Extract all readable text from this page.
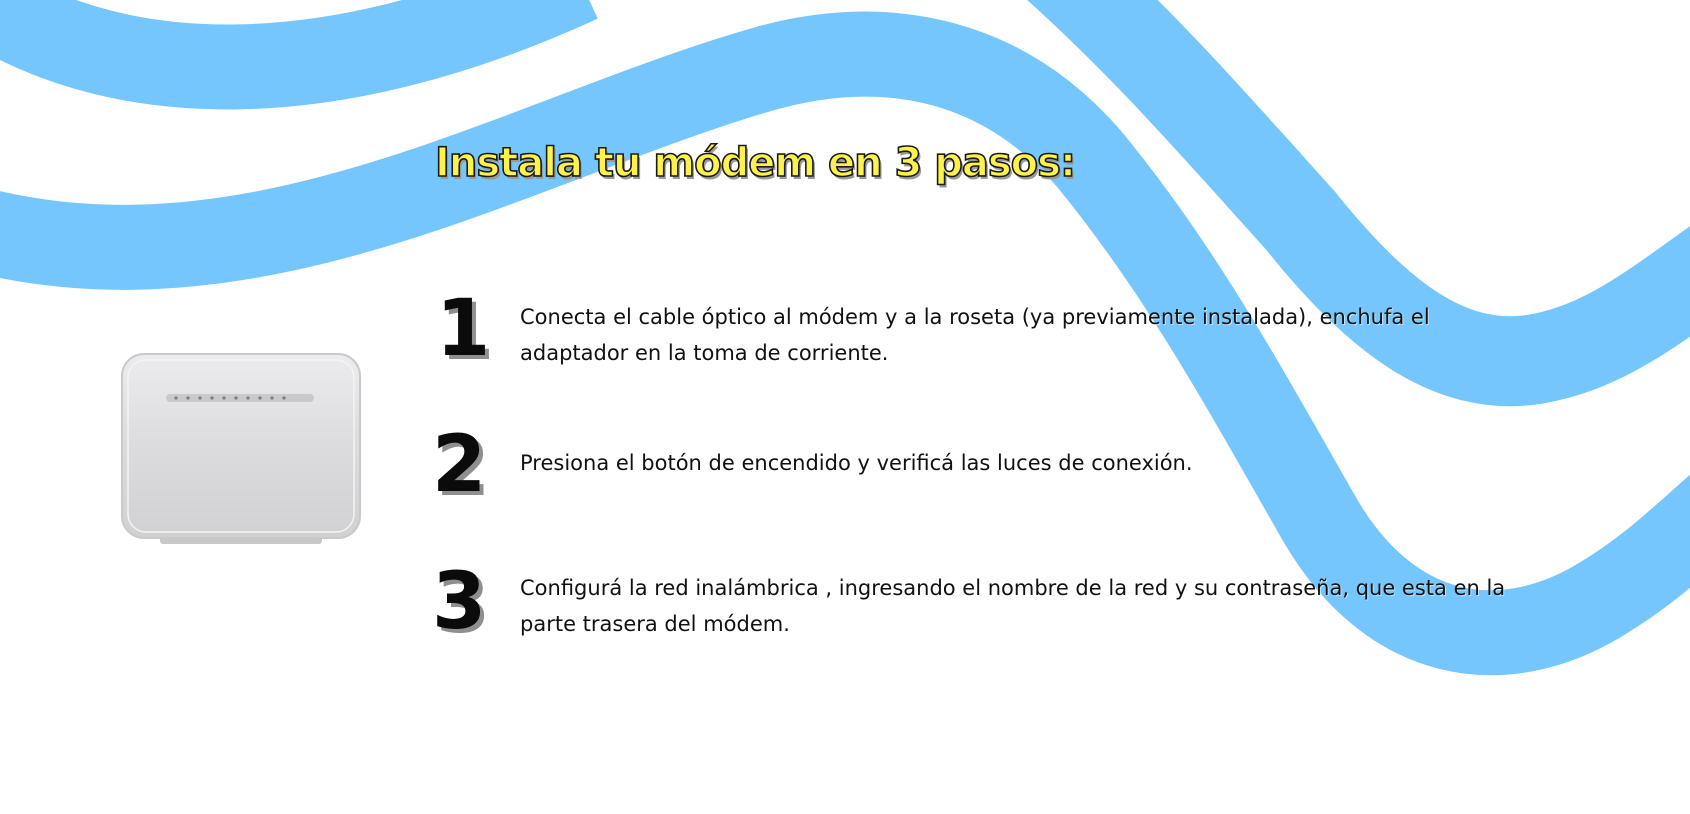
Instala tu módem en 3 pasos:
1 Conecta el cable óptico al módem y a la roseta (ya previamente instalada), enchufa el adaptador en la toma de corriente.

2 Presiona el botón de encendido y verificá las luces de conexión.

3 Configurá la red inalámbrica , ingresando el nombre de la red y su contraseña, que esta en la parte trasera del módem.
